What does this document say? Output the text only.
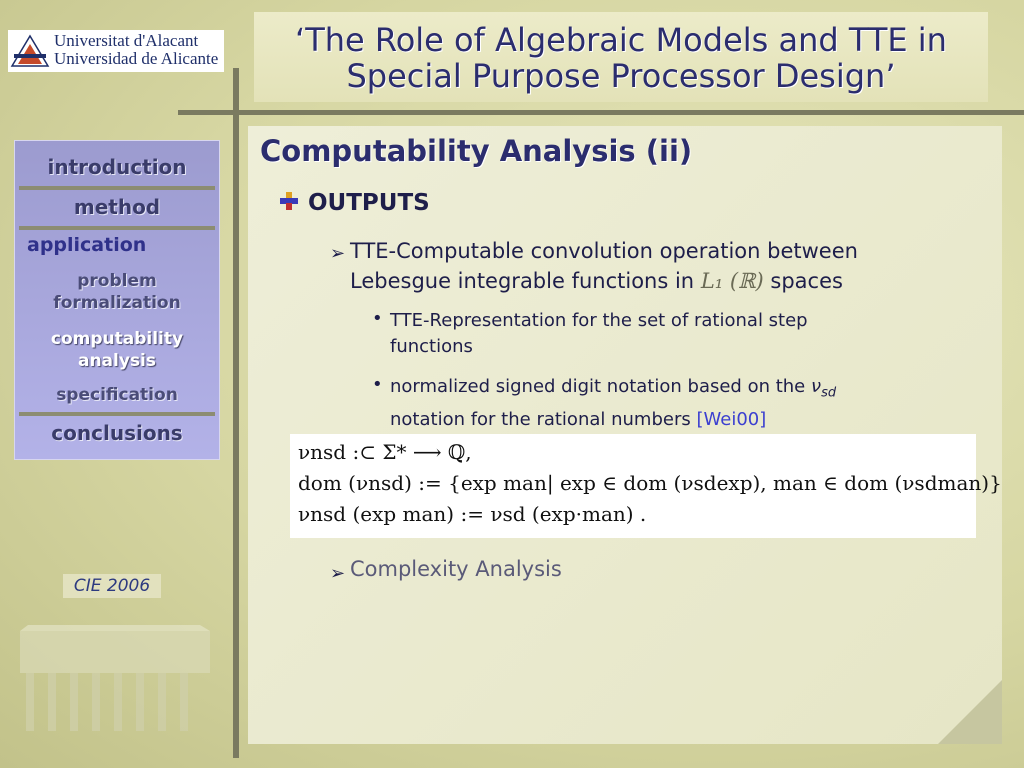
Universitat d'Alacant
Universidad de Alicante	‘The Role of Algebraic Models and TTE in
Special Purpose Processor Design’
introduction
method
application
problem
formalization
computability
analysis
specification
conclusions
CIE 2006
Computability Analysis (ii)
OUTPUTS
➢ TTE-Computable convolution operation between
Lebesgue integrable functions in L₁ (ℝ) spaces
• TTE-Representation for the set of rational step
functions
• normalized signed digit notation based on the $\nu_{sd}$
notation for the rational numbers [Wei00]
νnsd :⊂ Σ* ⟶ ℚ,
dom (νnsd) := {exp man| exp ∈ dom (νsdexp), man ∈ dom (νsdman)}
νnsd (exp man) := νsd (exp·man) .
➢ Complexity Analysis
